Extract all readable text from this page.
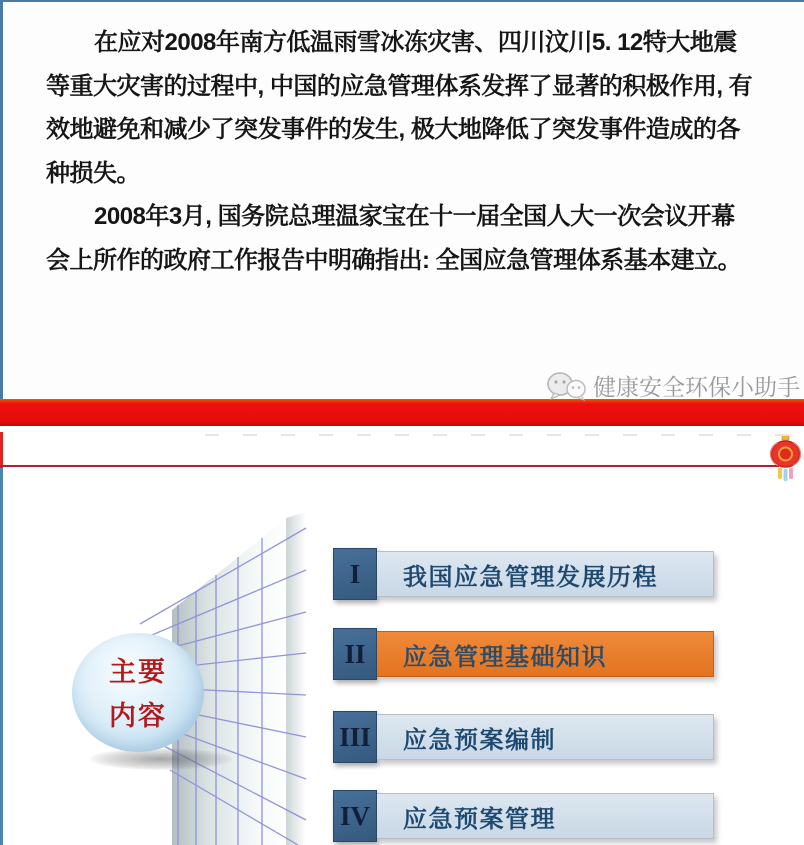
在应对2008年南方低温雨雪冰冻灾害、四川汶川5. 12特大地震等重大灾害的过程中, 中国的应急管理体系发挥了显著的积极作用, 有效地避免和减少了突发事件的发生, 极大地降低了突发事件造成的各种损失。

2008年3月, 国务院总理温家宝在十一届全国人大一次会议开幕会上所作的政府工作报告中明确指出: 全国应急管理体系基本建立。

健康安全环保小助手
主要
内容
I 我国应急管理发展历程
II 应急管理基础知识
III 应急预案编制
IV 应急预案管理
